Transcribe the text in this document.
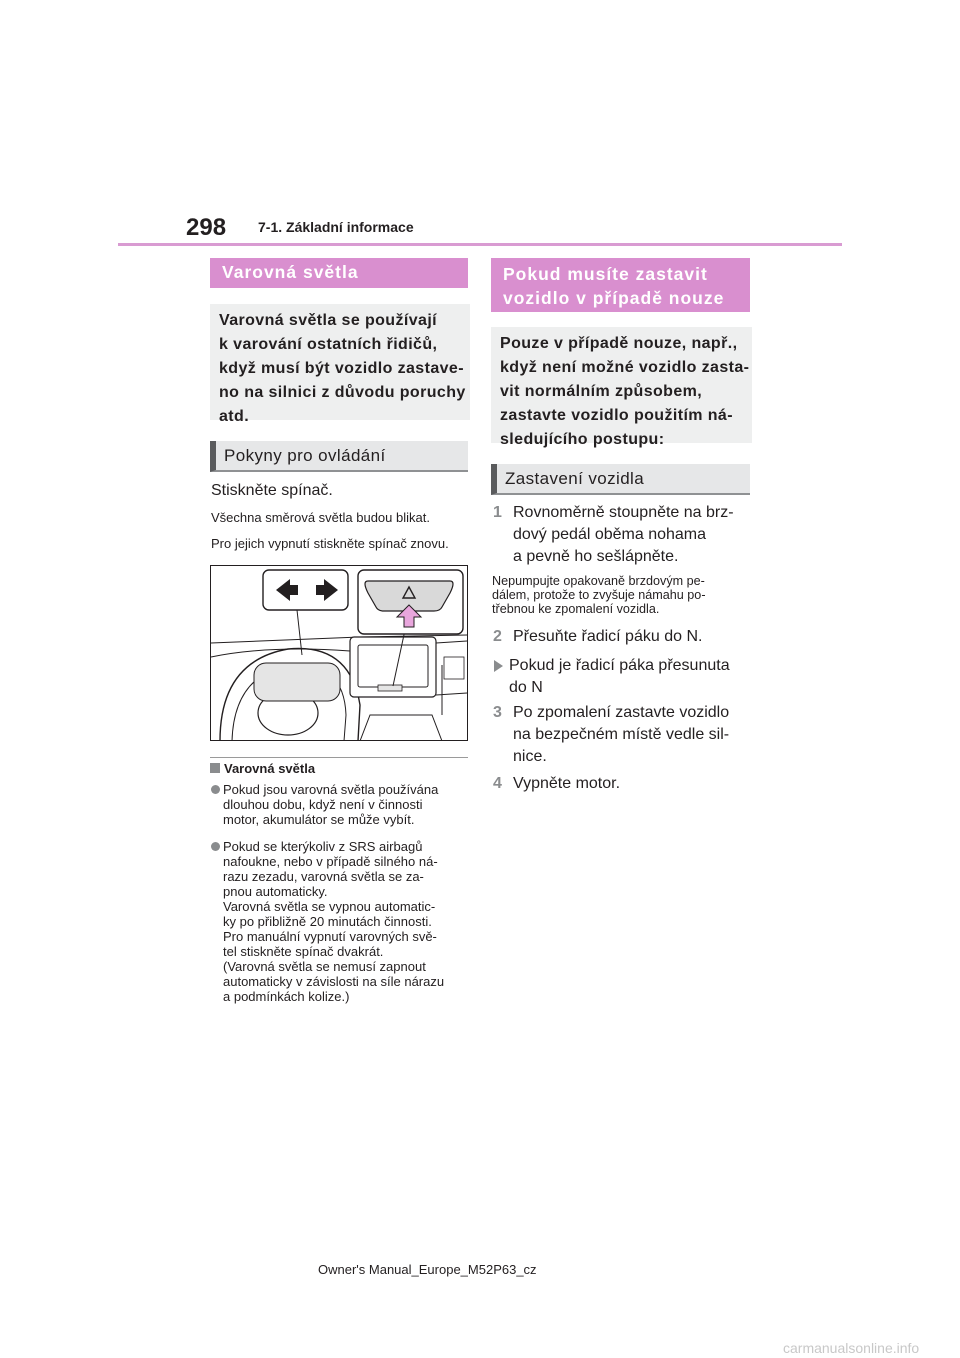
298 7-1. Základní informace
Varovná světla
Varovná světla se používají
k varování ostatních řidičů,
když musí být vozidlo zastave-
no na silnici z důvodu poruchy
atd.
Pokyny pro ovládání
Stiskněte spínač.
Všechna směrová světla budou blikat.
Pro jejich vypnutí stiskněte spínač znovu.
Varovná světla
Pokud jsou varovná světla používána
dlouhou dobu, když není v činnosti
motor, akumulátor se může vybít.
Pokud se kterýkoliv z SRS airbagů
nafoukne, nebo v případě silného ná-
razu zezadu, varovná světla se za-
pnou automaticky.
Varovná světla se vypnou automatic-
ky po přibližně 20 minutách činnosti.
Pro manuální vypnutí varovných svě-
tel stiskněte spínač dvakrát.
(Varovná světla se nemusí zapnout
automaticky v závislosti na síle nárazu
a podmínkách kolize.)
Pokud musíte zastavit
vozidlo v případě nouze
Pouze v případě nouze, např.,
když není možné vozidlo zasta-
vit normálním způsobem,
zastavte vozidlo použitím ná-
sledujícího postupu:
Zastavení vozidla
1 Rovnoměrně stoupněte na brz-
dový pedál oběma nohama
a pevně ho sešlápněte.
Nepumpujte opakovaně brzdovým pe-
dálem, protože to zvyšuje námahu po-
třebnou ke zpomalení vozidla.
2 Přesuňte řadicí páku do N.
Pokud je řadicí páka přesunuta
do N
3 Po zpomalení zastavte vozidlo
na bezpečném místě vedle sil-
nice.
4 Vypněte motor.
Owner's Manual_Europe_M52P63_cz
carmanualsonline.info
